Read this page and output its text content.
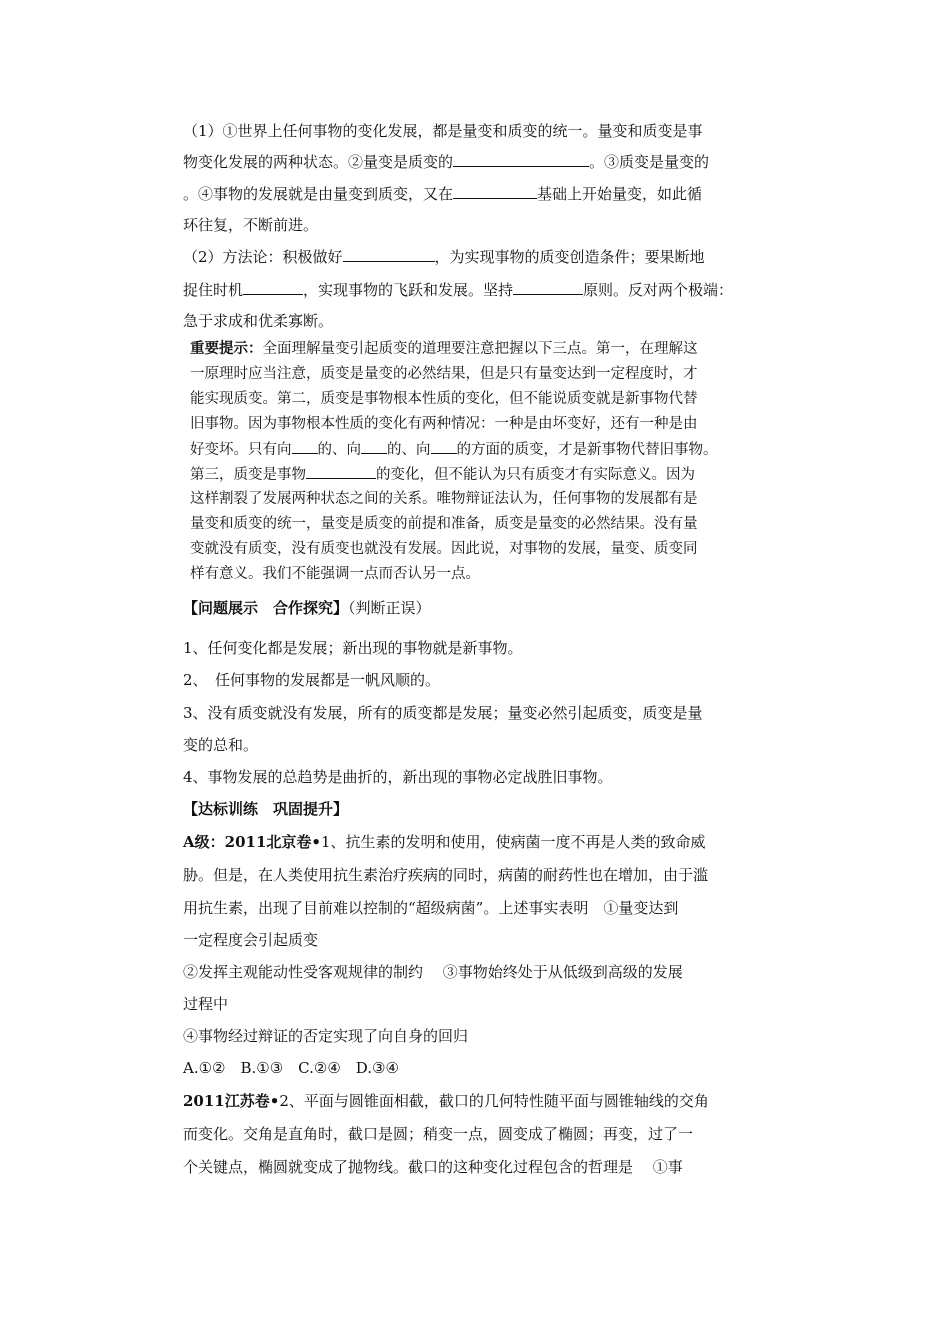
（1）①世界上任何事物的变化发展，都是量变和质变的统一。量变和质变是事
物变化发展的两种状态。②量变是质变的	。③质变是量变的
。④事物的发展就是由量变到质变，又在	基础上开始量变，如此循
环往复，不断前进。
（2）方法论：积极做好	，为实现事物的质变创造条件；要果断地
捉住时机	，实现事物的飞跃和发展。坚持	原则。反对两个极端：
急于求成和优柔寡断。
重要提示：全面理解量变引起质变的道理要注意把握以下三点。第一，在理解这
一原理时应当注意，质变是量变的必然结果，但是只有量变达到一定程度时，才
能实现质变。第二，质变是事物根本性质的变化，但不能说质变就是新事物代替
旧事物。因为事物根本性质的变化有两种情况：一种是由坏变好，还有一种是由
好变坏。只有向 的、向 的、向 的方面的质变，才是新事物代替旧事物。
第三，质变是事物	的变化，但不能认为只有质变才有实际意义。因为
这样割裂了发展两种状态之间的关系。唯物辩证法认为，任何事物的发展都有是
量变和质变的统一，量变是质变的前提和准备，质变是量变的必然结果。没有量
变就没有质变，没有质变也就没有发展。因此说，对事物的发展，量变、质变同
样有意义。我们不能强调一点而否认另一点。
【问题展示　合作探究】（判断正误）
1、任何变化都是发展；新出现的事物就是新事物。
2、　任何事物的发展都是一帆风顺的。
3、没有质变就没有发展，所有的质变都是发展；量变必然引起质变，质变是量
变的总和。
4、事物发展的总趋势是曲折的，新出现的事物必定战胜旧事物。
【达标训练　巩固提升】
A级：2011北京卷•1、抗生素的发明和使用，使病菌一度不再是人类的致命威
胁。但是，在人类使用抗生素治疗疾病的同时，病菌的耐药性也在增加，由于滥
用抗生素，出现了目前难以控制的“超级病菌”。上述事实表明　①量变达到
一定程度会引起质变
②发挥主观能动性受客观规律的制约　 ③事物始终处于从低级到高级的发展
过程中
④事物经过辩证的否定实现了向自身的回归
A.①②　B.①③　C.②④　D.③④
2011江苏卷•2、平面与圆锥面相截，截口的几何特性随平面与圆锥轴线的交角
而变化。交角是直角时，截口是圆；稍变一点，圆变成了椭圆；再变，过了一
个关键点，椭圆就变成了抛物线。截口的这种变化过程包含的哲理是　 ①事
